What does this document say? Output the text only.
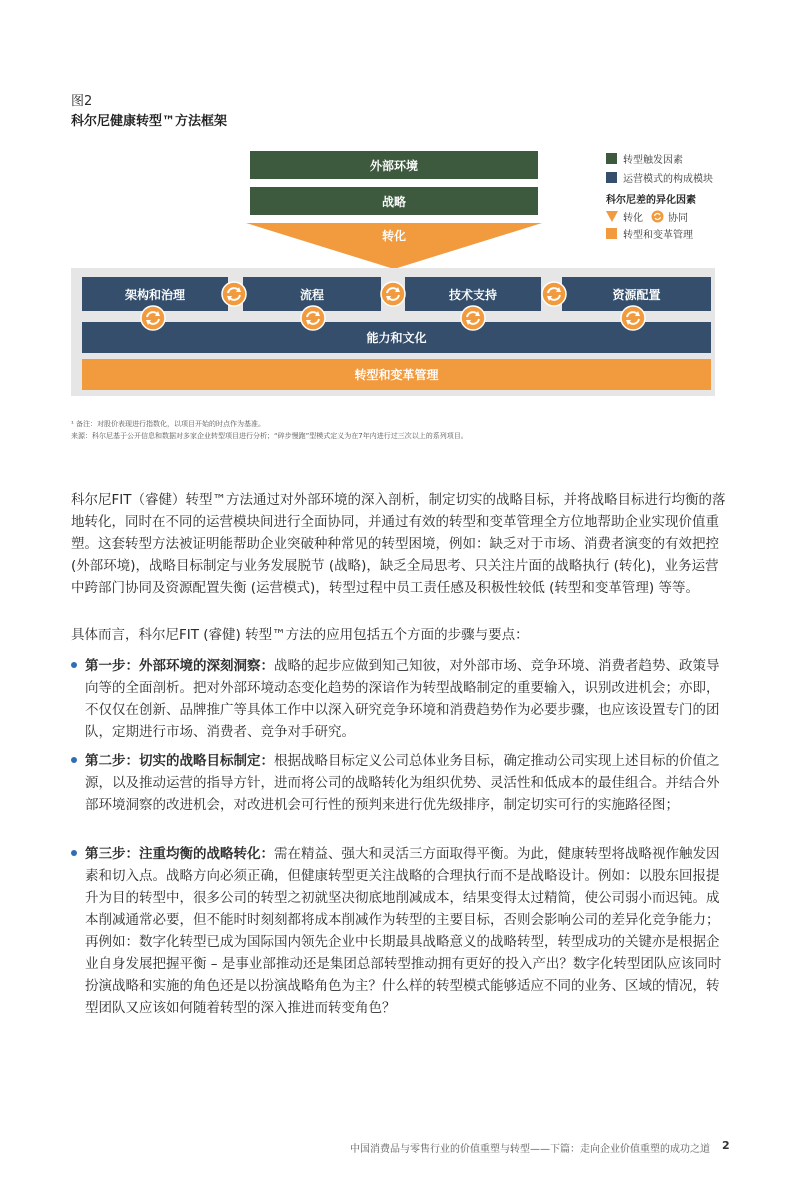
图2
科尔尼健康转型™方法框架
外部环境
战略
转化
架构和治理	流程	技术支持	资源配置
能力和文化
转型和变革管理
转型触发因素
运营模式的构成模块
科尔尼差的异化因素
转化	协同
转型和变革管理
¹ 备注：对股价表现进行指数化，以项目开始的时点作为基准。
来源：科尔尼基于公开信息和数据对多家企业转型项目进行分析；“碎步慢跑”型模式定义为在7年内进行过三次以上的系列项目。

科尔尼FIT（睿健）转型™方法通过对外部环境的深入剖析，制定切实的战略目标，并将战略目标进行均衡的落地转化，同时在不同的运营模块间进行全面协同，并通过有效的转型和变革管理全方位地帮助企业实现价值重塑。这套转型方法被证明能帮助企业突破种种常见的转型困境，例如：缺乏对于市场、消费者演变的有效把控 (外部环境)，战略目标制定与业务发展脱节 (战略)，缺乏全局思考、只关注片面的战略执行 (转化)，业务运营中跨部门协同及资源配置失衡 (运营模式)，转型过程中员工责任感及积极性较低 (转型和变革管理) 等等。

具体而言，科尔尼FIT (睿健) 转型™方法的应用包括五个方面的步骤与要点：

第一步：外部环境的深刻洞察：战略的起步应做到知己知彼，对外部市场、竞争环境、消费者趋势、政策导向等的全面剖析。把对外部环境动态变化趋势的深谙作为转型战略制定的重要输入，识别改进机会；亦即，不仅仅在创新、品牌推广等具体工作中以深入研究竞争环境和消费趋势作为必要步骤，也应该设置专门的团队，定期进行市场、消费者、竞争对手研究。
第二步：切实的战略目标制定：根据战略目标定义公司总体业务目标，确定推动公司实现上述目标的价值之源，以及推动运营的指导方针，进而将公司的战略转化为组织优势、灵活性和低成本的最佳组合。并结合外部环境洞察的改进机会，对改进机会可行性的预判来进行优先级排序，制定切实可行的实施路径图；
第三步：注重均衡的战略转化：需在精益、强大和灵活三方面取得平衡。为此，健康转型将战略视作触发因素和切入点。战略方向必须正确，但健康转型更关注战略的合理执行而不是战略设计。例如：以股东回报提升为目的转型中，很多公司的转型之初就坚决彻底地削减成本，结果变得太过精简，使公司弱小而迟钝。成本削减通常必要，但不能时时刻刻都将成本削减作为转型的主要目标，否则会影响公司的差异化竞争能力；再例如：数字化转型已成为国际国内领先企业中长期最具战略意义的战略转型，转型成功的关键亦是根据企业自身发展把握平衡 – 是事业部推动还是集团总部转型推动拥有更好的投入产出？数字化转型团队应该同时扮演战略和实施的角色还是以扮演战略角色为主？什么样的转型模式能够适应不同的业务、区域的情况，转型团队又应该如何随着转型的深入推进而转变角色？
中国消费品与零售行业的价值重塑与转型——下篇：走向企业价值重塑的成功之道 2
